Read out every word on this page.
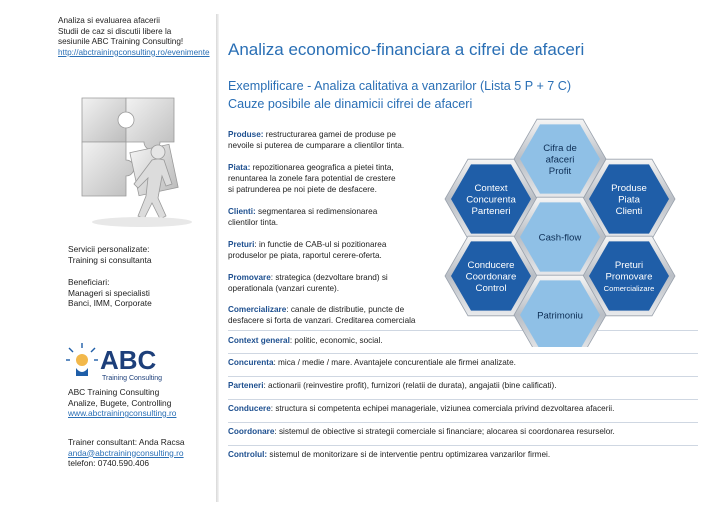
Analiza si evaluarea afacerii
Studii de caz si discutii libere la
sesiunile ABC Training Consulting!
http://abctrainingconsulting.ro/evenimente
Servicii personalizate:
Training si consultanta
Beneficiari:
Manageri si specialisti
Banci, IMM, Corporate
ABC
Training Consulting
ABC Training Consulting
Analize, Bugete, Controlling
www.abctrainingconsulting.ro
Trainer consultant: Anda Racsa
anda@abctrainingconsulting.ro
telefon: 0740.590.406
Analiza economico-financiara a cifrei de afaceri
Exemplificare - Analiza calitativa a vanzarilor (Lista 5 P + 7 C)
Cauze posibile ale dinamicii cifrei de afaceri
Produse: restructurarea gamei de produse pe
nevoile si puterea de cumparare a clientilor tinta.
Piata: repozitionarea geografica a pietei tinta,
renuntarea la zonele fara potential de crestere
si patrunderea pe noi piete de desfacere.
Clienti: segmentarea si redimensionarea
clientilor tinta.
Preturi: in functie de CAB-ul si pozitionarea
produselor pe piata, raportul cerere-oferta.
Promovare: strategica (dezvoltare brand) si
operationala (vanzari curente).
Comercializare: canale de distributie, puncte de
desfacere si forta de vanzari. Creditarea comerciala
Context general: politic, economic, social.
Concurenta: mica / medie / mare. Avantajele concurentiale ale firmei analizate.
Parteneri: actionarii (reinvestire profit), furnizori (relatii de durata), angajatii (bine calificati).
Conducere: structura si competenta echipei manageriale, viziunea comerciala privind dezvoltarea afacerii.
Coordonare: sistemul de obiective si strategii comerciale si financiare; alocarea si coordonarea resurselor.
Controlul: sistemul de monitorizare si de interventie pentru optimizarea vanzarilor firmei.
Cifra de
afaceri
Profit
Context
Concurenta
Parteneri
Produse
Piata
Clienti
Cash-flow
Conducere
Coordonare
Control
Preturi
Promovare
Comercializare
Patrimoniu
